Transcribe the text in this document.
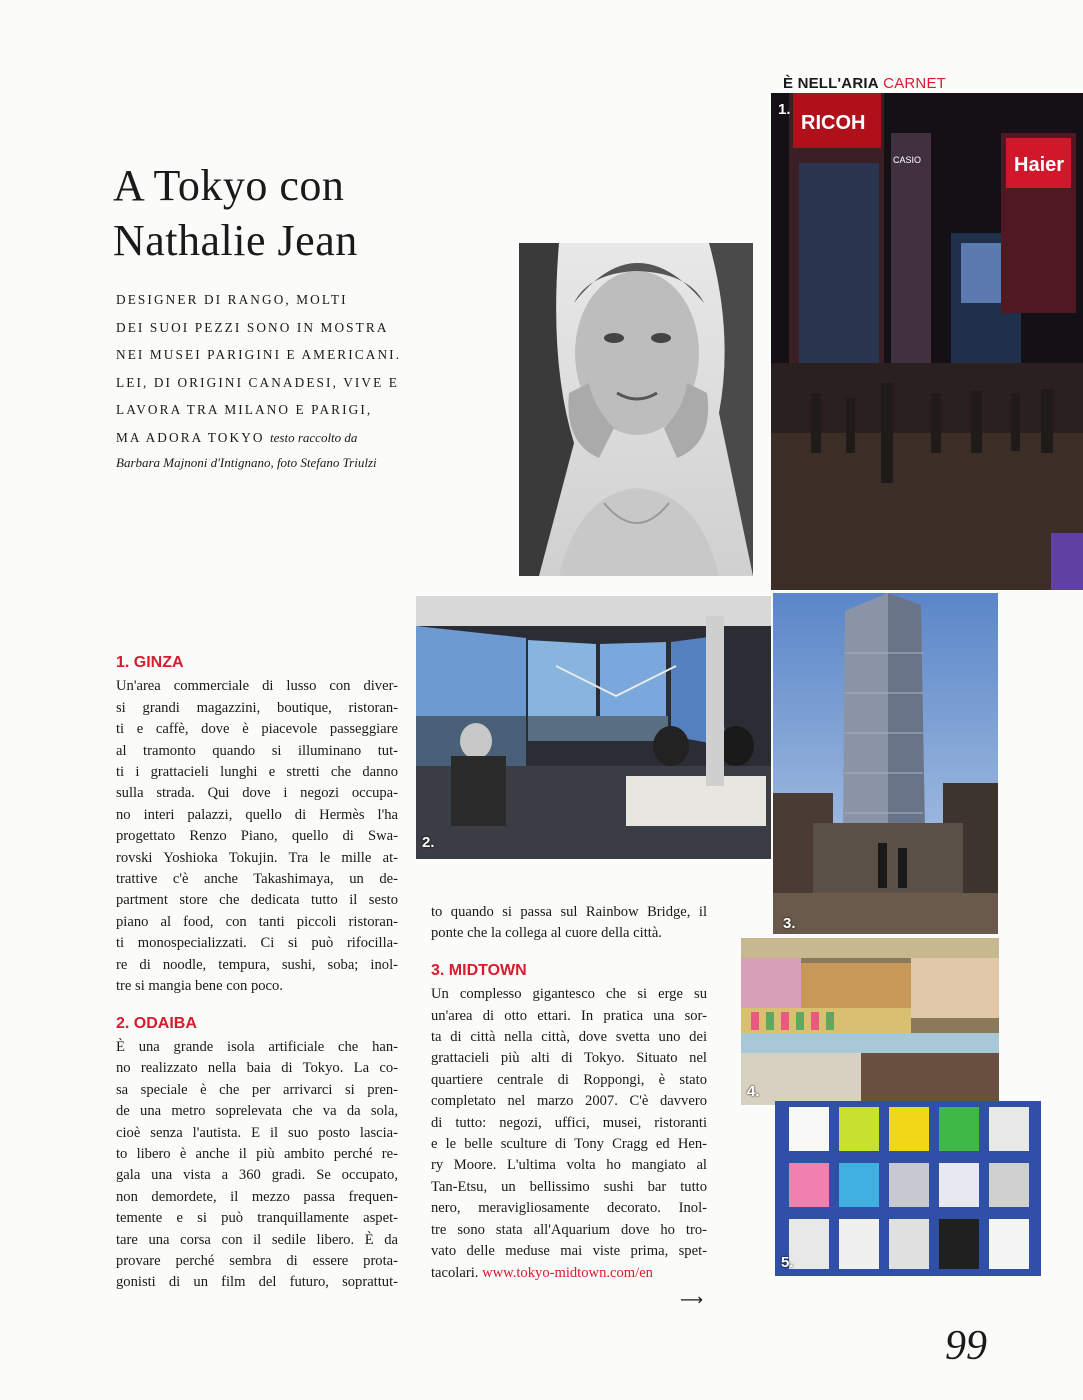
È NELL'ARIA CARNET
A Tokyo con
Nathalie Jean
DESIGNER DI RANGO, MOLTI
DEI SUOI PEZZI SONO IN MOSTRA
NEI MUSEI PARIGINI E AMERICANI.
LEI, DI ORIGINI CANADESI, VIVE E
LAVORA TRA MILANO E PARIGI,
MA ADORA TOKYO testo raccolto da
Barbara Majnoni d'Intignano, foto Stefano Triulzi
RICOH
Haier
CASIO
1.
2.
3.
4.
5.
1. GINZA
Un'area commerciale di lusso con diver-
si grandi magazzini, boutique, ristoran-
ti e caffè, dove è piacevole passeggiare
al tramonto quando si illuminano tut-
ti i grattacieli lunghi e stretti che danno
sulla strada. Qui dove i negozi occupa-
no interi palazzi, quello di Hermès l'ha
progettato Renzo Piano, quello di Swa-
rovski Yoshioka Tokujin. Tra le mille at-
trattive c'è anche Takashimaya, un de-
partment store che dedicata tutto il sesto
piano al food, con tanti piccoli ristoran-
ti monospecializzati. Ci si può rifocilla-
re di noodle, tempura, sushi, soba; inol-
tre si mangia bene con poco.
2. ODAIBA
È una grande isola artificiale che han-
no realizzato nella baia di Tokyo. La co-
sa speciale è che per arrivarci si pren-
de una metro soprelevata che va da sola,
cioè senza l'autista. E il suo posto lascia-
to libero è anche il più ambito perché re-
gala una vista a 360 gradi. Se occupato,
non demordete, il mezzo passa frequen-
temente e si può tranquillamente aspet-
tare una corsa con il sedile libero. È da
provare perché sembra di essere prota-
gonisti di un film del futuro, soprattut-
to quando si passa sul Rainbow Bridge, il
ponte che la collega al cuore della città.
3. MIDTOWN
Un complesso gigantesco che si erge su
un'area di otto ettari. In pratica una sor-
ta di città nella città, dove svetta uno dei
grattacieli più alti di Tokyo. Situato nel
quartiere centrale di Roppongi, è stato
completato nel marzo 2007. C'è davvero
di tutto: negozi, uffici, musei, ristoranti
e le belle sculture di Tony Cragg ed Hen-
ry Moore. L'ultima volta ho mangiato al
Tan-Etsu, un bellissimo sushi bar tutto
nero, meravigliosamente decorato. Inol-
tre sono stata all'Aquarium dove ho tro-
vato delle meduse mai viste prima, spet-
tacolari. www.tokyo-midtown.com/en
⟶
99
